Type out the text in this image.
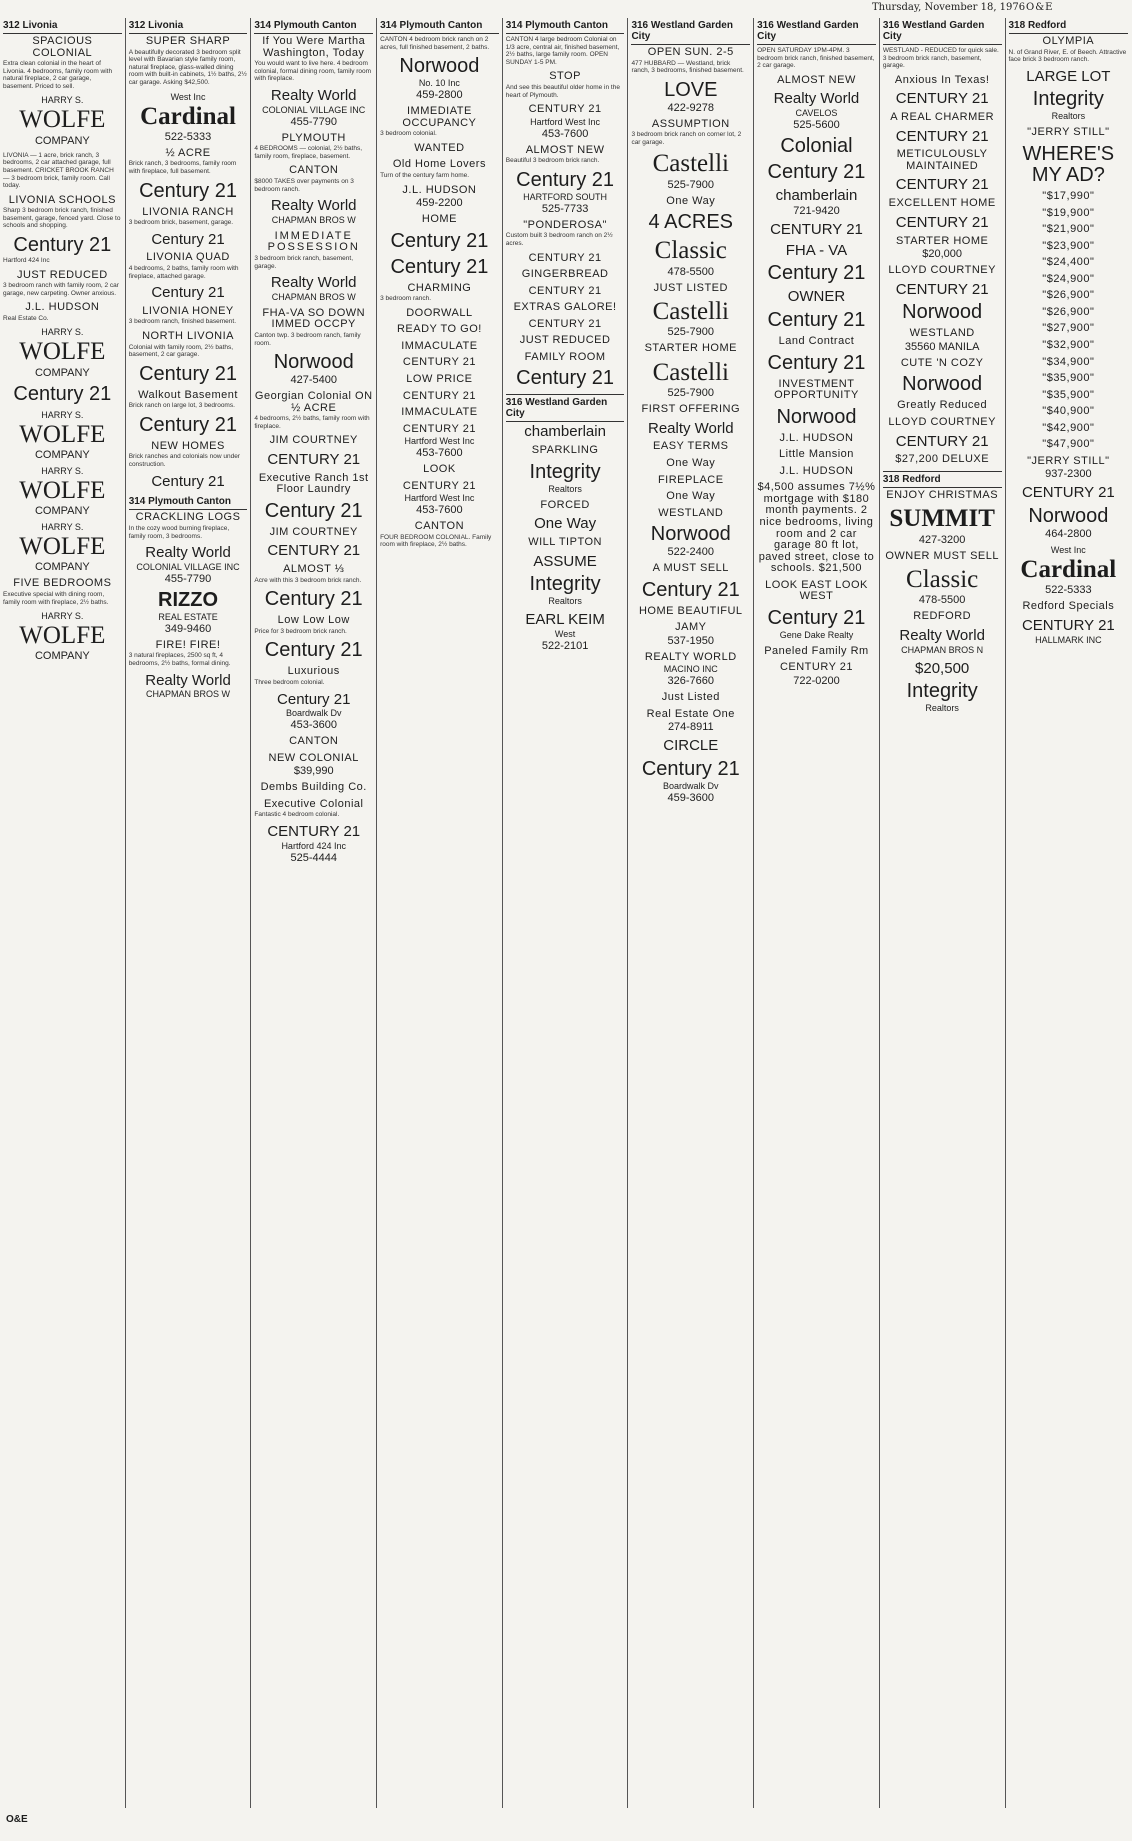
Thursday, November 18, 1976 O&E
312 Livonia
SPACIOUS COLONIAL
Extra clean colonial in the heart of Livonia. 4 bedrooms, family room with natural fireplace, 2 car garage, basement. Priced to sell.
HARRY S.
WOLFE
COMPANY
LIVONIA — 1 acre, brick ranch, 3 bedrooms, 2 car attached garage, full basement. CRICKET BROOK RANCH — 3 bedroom brick, family room. Call today.
LIVONIA SCHOOLS
Sharp 3 bedroom brick ranch, finished basement, garage, fenced yard. Close to schools and shopping.
Century 21
Hartford 424 Inc
JUST REDUCED
3 bedroom ranch with family room, 2 car garage, new carpeting. Owner anxious.
J.L. HUDSON
Real Estate Co.
HARRY S.
WOLFE
COMPANY
Century 21
HARRY S.
WOLFE
COMPANY
HARRY S.
WOLFE
COMPANY
HARRY S.
WOLFE
COMPANY
FIVE BEDROOMS
Executive special with dining room, family room with fireplace, 2½ baths.
HARRY S.
WOLFE
COMPANY
312 Livonia
SUPER SHARP
A beautifully decorated 3 bedroom split level with Bavarian style family room, natural fireplace, glass-walled dining room with built-in cabinets, 1½ baths, 2½ car garage. Asking $42,500.
West Inc
Cardinal
522-5333
½ ACRE
Brick ranch, 3 bedrooms, family room with fireplace, full basement.
Century 21
LIVONIA RANCH
3 bedroom brick, basement, garage.
Century 21
LIVONIA QUAD
4 bedrooms, 2 baths, family room with fireplace, attached garage.
Century 21
LIVONIA HONEY
3 bedroom ranch, finished basement.
NORTH LIVONIA
Colonial with family room, 2½ baths, basement, 2 car garage.
Century 21
Walkout Basement
Brick ranch on large lot, 3 bedrooms.
Century 21
NEW HOMES
Brick ranches and colonials now under construction.
Century 21
314 Plymouth Canton
CRACKLING LOGS
In the cozy wood burning fireplace, family room, 3 bedrooms.
Realty World
COLONIAL VILLAGE INC
455-7790
RIZZO
REAL ESTATE
349-9460
FIRE! FIRE!
3 natural fireplaces, 2500 sq ft, 4 bedrooms, 2½ baths, formal dining.
Realty World
CHAPMAN BROS W
314 Plymouth Canton
If You Were Martha Washington, Today
You would want to live here. 4 bedroom colonial, formal dining room, family room with fireplace.
Realty World
COLONIAL VILLAGE INC
455-7790
PLYMOUTH
4 BEDROOMS — colonial, 2½ baths, family room, fireplace, basement.
CANTON
$8000 TAKES over payments on 3 bedroom ranch.
Realty World
CHAPMAN BROS W
IMMEDIATE POSSESSION
3 bedroom brick ranch, basement, garage.
Realty World
CHAPMAN BROS W
FHA-VA SO DOWN IMMED OCCPY
Canton twp. 3 bedroom ranch, family room.
Norwood
427-5400
Georgian Colonial ON ½ ACRE
4 bedrooms, 2½ baths, family room with fireplace.
JIM COURTNEY
CENTURY 21
Executive Ranch 1st Floor Laundry
Century 21
JIM COURTNEY
CENTURY 21
ALMOST ⅓
Acre with this 3 bedroom brick ranch.
Century 21
Low Low Low
Price for 3 bedroom brick ranch.
Century 21
Luxurious
Three bedroom colonial.
Century 21
Boardwalk Dv
453-3600
CANTON
NEW COLONIAL
$39,990
Dembs Building Co.
Executive Colonial
Fantastic 4 bedroom colonial.
CENTURY 21
Hartford 424 Inc
525-4444
314 Plymouth Canton
CANTON 4 bedroom brick ranch on 2 acres, full finished basement, 2 baths.
Norwood
No. 10 Inc
459-2800
IMMEDIATE OCCUPANCY
3 bedroom colonial.
WANTED
Old Home Lovers
Turn of the century farm home.
J.L. HUDSON
459-2200
HOME
Century 21
Century 21
CHARMING
3 bedroom ranch.
DOORWALL
READY TO GO!
IMMACULATE
CENTURY 21
LOW PRICE
CENTURY 21
IMMACULATE
CENTURY 21
Hartford West Inc
453-7600
LOOK
CENTURY 21
Hartford West Inc
453-7600
CANTON
FOUR BEDROOM COLONIAL. Family room with fireplace, 2½ baths.
314 Plymouth Canton
CANTON 4 large bedroom Colonial on 1/3 acre, central air, finished basement, 2½ baths, large family room. OPEN SUNDAY 1-5 PM.
STOP
And see this beautiful older home in the heart of Plymouth.
CENTURY 21
Hartford West Inc
453-7600
ALMOST NEW
Beautiful 3 bedroom brick ranch.
Century 21
HARTFORD SOUTH
525-7733
"PONDEROSA"
Custom built 3 bedroom ranch on 2½ acres.
CENTURY 21
GINGERBREAD
CENTURY 21
EXTRAS GALORE!
CENTURY 21
JUST REDUCED
FAMILY ROOM
Century 21
316 Westland Garden City
chamberlain
SPARKLING
Integrity
Realtors
FORCED
One Way
WILL TIPTON
ASSUME
Integrity
Realtors
EARL KEIM
West
522-2101
316 Westland Garden City
OPEN SUN. 2-5
477 HUBBARD — Westland, brick ranch, 3 bedrooms, finished basement.
LOVE
422-9278
ASSUMPTION
3 bedroom brick ranch on corner lot, 2 car garage.
Castelli
525-7900
One Way
4 ACRES
Classic
478-5500
JUST LISTED
Castelli
525-7900
STARTER HOME
Castelli
525-7900
FIRST OFFERING
Realty World
EASY TERMS
One Way
FIREPLACE
One Way
WESTLAND
Norwood
522-2400
A MUST SELL
Century 21
HOME BEAUTIFUL
JAMY
537-1950
REALTY WORLD
MACINO INC
326-7660
Just Listed
Real Estate One
274-8911
CIRCLE
Century 21
Boardwalk Dv
459-3600
316 Westland Garden City
OPEN SATURDAY 1PM-4PM. 3 bedroom brick ranch, finished basement, 2 car garage.
ALMOST NEW
Realty World
CAVELOS
525-5600
Colonial
Century 21
chamberlain
721-9420
CENTURY 21
FHA - VA
Century 21
OWNER
Century 21
Land Contract
Century 21
INVESTMENT OPPORTUNITY
Norwood
J.L. HUDSON
Little Mansion
J.L. HUDSON
$4,500 assumes 7½% mortgage with $180 month payments. 2 nice bedrooms, living room and 2 car garage 80 ft lot, paved street, close to schools. $21,500
LOOK EAST LOOK WEST
Century 21
Gene Dake Realty
Paneled Family Rm
CENTURY 21
722-0200
316 Westland Garden City
WESTLAND - REDUCED for quick sale. 3 bedroom brick ranch, basement, garage.
Anxious In Texas!
CENTURY 21
A REAL CHARMER
CENTURY 21
METICULOUSLY MAINTAINED
CENTURY 21
EXCELLENT HOME
CENTURY 21
STARTER HOME
$20,000
LLOYD COURTNEY
CENTURY 21
Norwood
WESTLAND
35560 MANILA
CUTE 'N COZY
Norwood
Greatly Reduced
LLOYD COURTNEY
CENTURY 21
$27,200 DELUXE
318 Redford
ENJOY CHRISTMAS
SUMMIT
427-3200
OWNER MUST SELL
Classic
478-5500
REDFORD
Realty World
CHAPMAN BROS N
$20,500
Integrity
Realtors
318 Redford
OLYMPIA
N. of Grand River, E. of Beech. Attractive face brick 3 bedroom ranch.
LARGE LOT
Integrity
Realtors
"JERRY STILL"
WHERE'S MY AD?
"$17,990"
"$19,900"
"$21,900"
"$23,900"
"$24,400"
"$24,900"
"$26,900"
"$26,900"
"$27,900"
"$32,900"
"$34,900"
"$35,900"
"$35,900"
"$40,900"
"$42,900"
"$47,900"
"JERRY STILL"
937-2300
CENTURY 21
Norwood
464-2800
West Inc
Cardinal
522-5333
Redford Specials
CENTURY 21
HALLMARK INC
O&E
